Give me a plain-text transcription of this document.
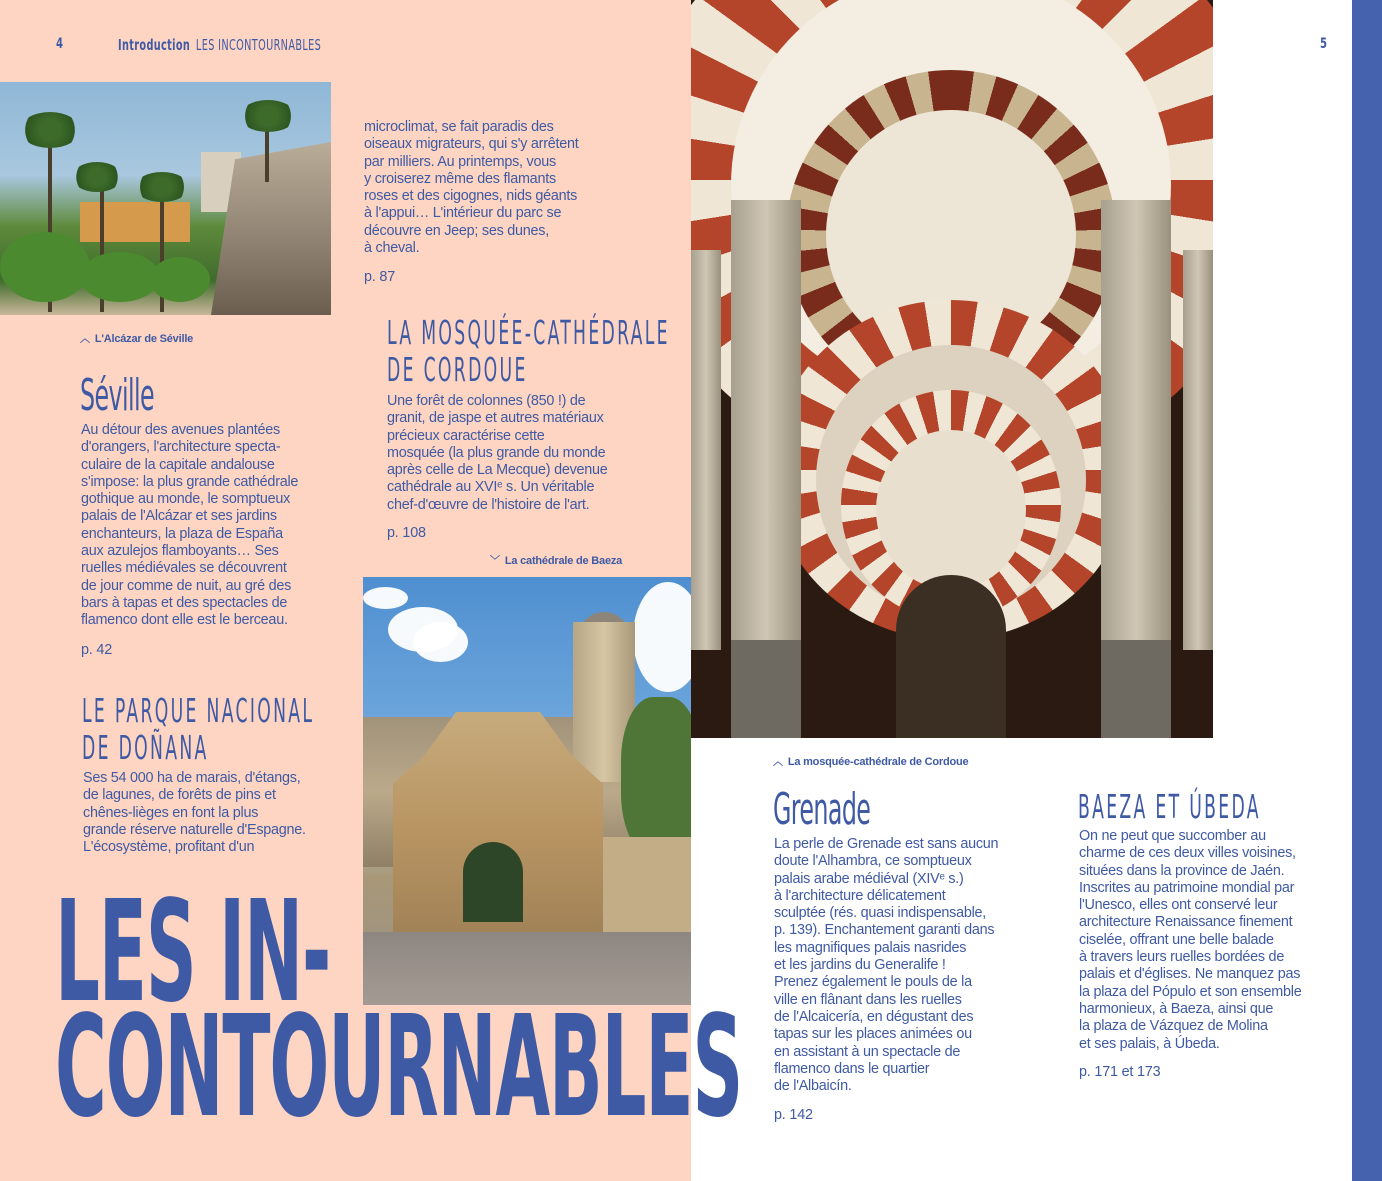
4	Introduction LES INCONTOURNABLES	5
︿ L'Alcázar de Séville
Séville
Au détour des avenues plantées
d'orangers, l'architecture specta-
culaire de la capitale andalouse
s'impose: la plus grande cathédrale
gothique au monde, le somptueux
palais de l'Alcázar et ses jardins
enchanteurs, la plaza de España
aux azulejos flamboyants… Ses
ruelles médiévales se découvrent
de jour comme de nuit, au gré des
bars à tapas et des spectacles de
flamenco dont elle est le berceau.
p. 42
LE PARQUE NACIONAL
DE DOÑANA
Ses 54 000 ha de marais, d'étangs,
de lagunes, de forêts de pins et
chênes-lièges en font la plus
grande réserve naturelle d'Espagne.
L'écosystème, profitant d'un
microclimat, se fait paradis des
oiseaux migrateurs, qui s'y arrêtent
par milliers. Au printemps, vous
y croiserez même des flamants
roses et des cigognes, nids géants
à l'appui… L'intérieur du parc se
découvre en Jeep; ses dunes,
à cheval.
p. 87
LA MOSQUÉE-CATHÉDRALE
DE CORDOUE
Une forêt de colonnes (850 !) de
granit, de jaspe et autres matériaux
précieux caractérise cette
mosquée (la plus grande du monde
après celle de La Mecque) devenue
cathédrale au XVIᵉ s. Un véritable
chef-d'œuvre de l'histoire de l'art.
p. 108
﹀ La cathédrale de Baeza
LES IN-
CONTOURNABLES
︿ La mosquée-cathédrale de Cordoue
Grenade
La perle de Grenade est sans aucun
doute l'Alhambra, ce somptueux
palais arabe médiéval (XIVᵉ s.)
à l'architecture délicatement
sculptée (rés. quasi indispensable,
p. 139). Enchantement garanti dans
les magnifiques palais nasrides
et les jardins du Generalife !
Prenez également le pouls de la
ville en flânant dans les ruelles
de l'Alcaicería, en dégustant des
tapas sur les places animées ou
en assistant à un spectacle de
flamenco dans le quartier
de l'Albaicín.
p. 142
BAEZA ET ÚBEDA
On ne peut que succomber au
charme de ces deux villes voisines,
situées dans la province de Jaén.
Inscrites au patrimoine mondial par
l'Unesco, elles ont conservé leur
architecture Renaissance finement
ciselée, offrant une belle balade
à travers leurs ruelles bordées de
palais et d'églises. Ne manquez pas
la plaza del Pópulo et son ensemble
harmonieux, à Baeza, ainsi que
la plaza de Vázquez de Molina
et ses palais, à Úbeda.
p. 171 et 173
